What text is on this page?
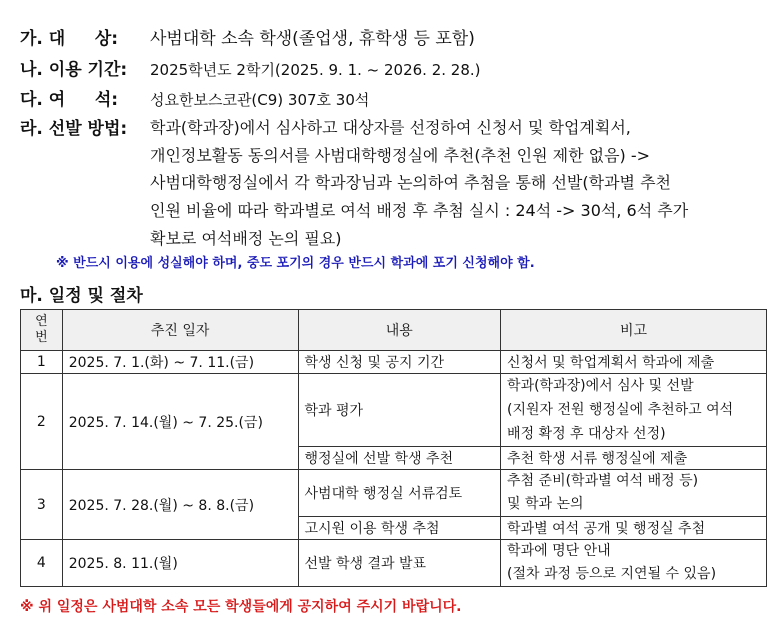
가. 대     상: 사범대학 소속 학생(졸업생, 휴학생 등 포함)
나. 이용 기간: 2025학년도 2학기(2025. 9. 1. ~ 2026. 2. 28.)
다. 여     석: 성요한보스코관(C9) 307호 30석
라. 선발 방법:	학과(학과장)에서 심사하고 대상자를 선정하여 신청서 및 학업계획서,
개인정보활동 동의서를 사범대학행정실에 추천(추천 인원 제한 없음) ->
사범대학행정실에서 각 학과장님과 논의하여 추첨을 통해 선발(학과별 추천
인원 비율에 따라 학과별로 여석 배정 후 추첨 실시 : 24석 -> 30석, 6석 추가
확보로 여석배정 논의 필요)
※ 반드시 이용에 성실해야 하며, 중도 포기의 경우 반드시 학과에 포기 신청해야 함.
마. 일정 및 절차
연
번	추진 일자	내용	비고
1	2025. 7. 1.(화) ~ 7. 11.(금)	학생 신청 및 공지 기간	신청서 및 학업계획서 학과에 제출
2	2025. 7. 14.(월) ~ 7. 25.(금)	학과 평가	학과(학과장)에서 심사 및 선발
(지원자 전원 행정실에 추천하고 여석
배정 확정 후 대상자 선정)

		행정실에 선발 학생 추천	추천 학생 서류 행정실에 제출
3	2025. 7. 28.(월) ~ 8. 8.(금)	사범대학 행정실 서류검토	추첨 준비(학과별 여석 배정 등)
및 학과 논의

		고시원 이용 학생 추첨	학과별 여석 공개 및 행정실 추첨
4	2025. 8. 11.(월)	선발 학생 결과 발표	학과에 명단 안내
(절차 과정 등으로 지연될 수 있음)
※ 위 일정은 사범대학 소속 모든 학생들에게 공지하여 주시기 바랍니다.
